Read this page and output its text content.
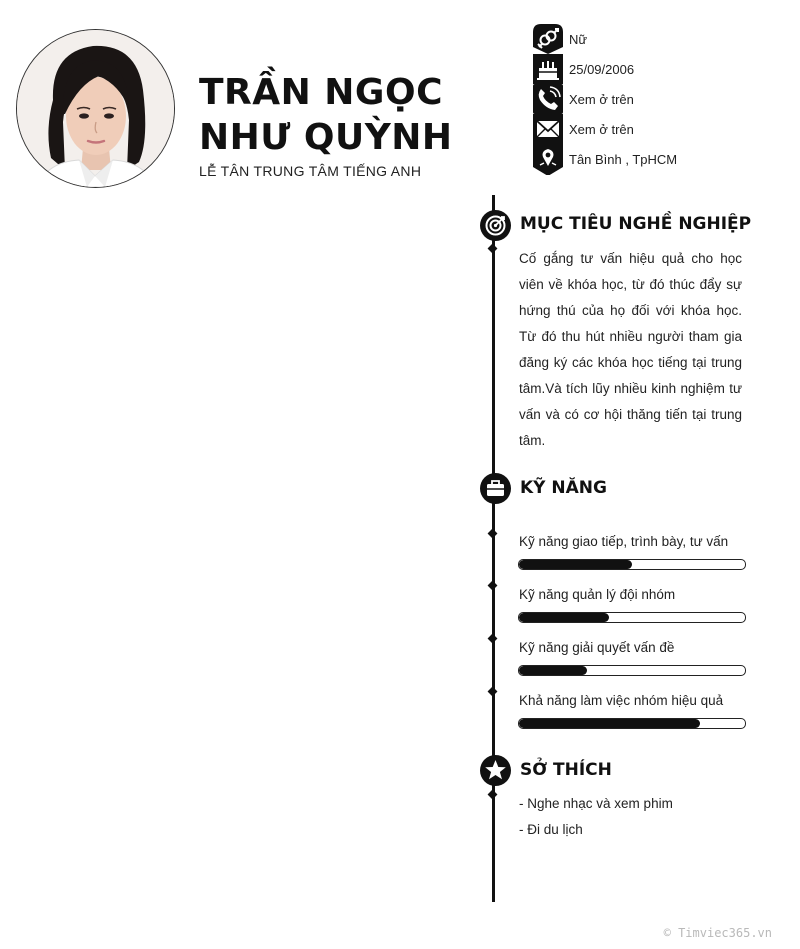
TRẦN NGỌC
NHƯ QUỲNH
LỄ TÂN TRUNG TÂM TIẾNG ANH
Nữ
25/09/2006
Xem ở trên
Xem ở trên
Tân Bình , TpHCM
MỤC TIÊU NGHỀ NGHIỆP
Cố gắng tư vấn hiệu quả cho học viên về khóa học, từ đó thúc đẩy sự hứng thú của họ đối với khóa học. Từ đó thu hút nhiều người tham gia đăng ký các khóa học tiếng tại trung tâm.Và tích lũy nhiều kinh nghiệm tư vấn và có cơ hội thăng tiến tại trung tâm.
KỸ NĂNG
Kỹ năng giao tiếp, trình bày, tư vấn
Kỹ năng quản lý đội nhóm
Kỹ năng giải quyết vấn đề
Khả năng làm việc nhóm hiệu quả
SỞ THÍCH
- Nghe nhạc và xem phim
- Đi du lịch
© Timviec365.vn
